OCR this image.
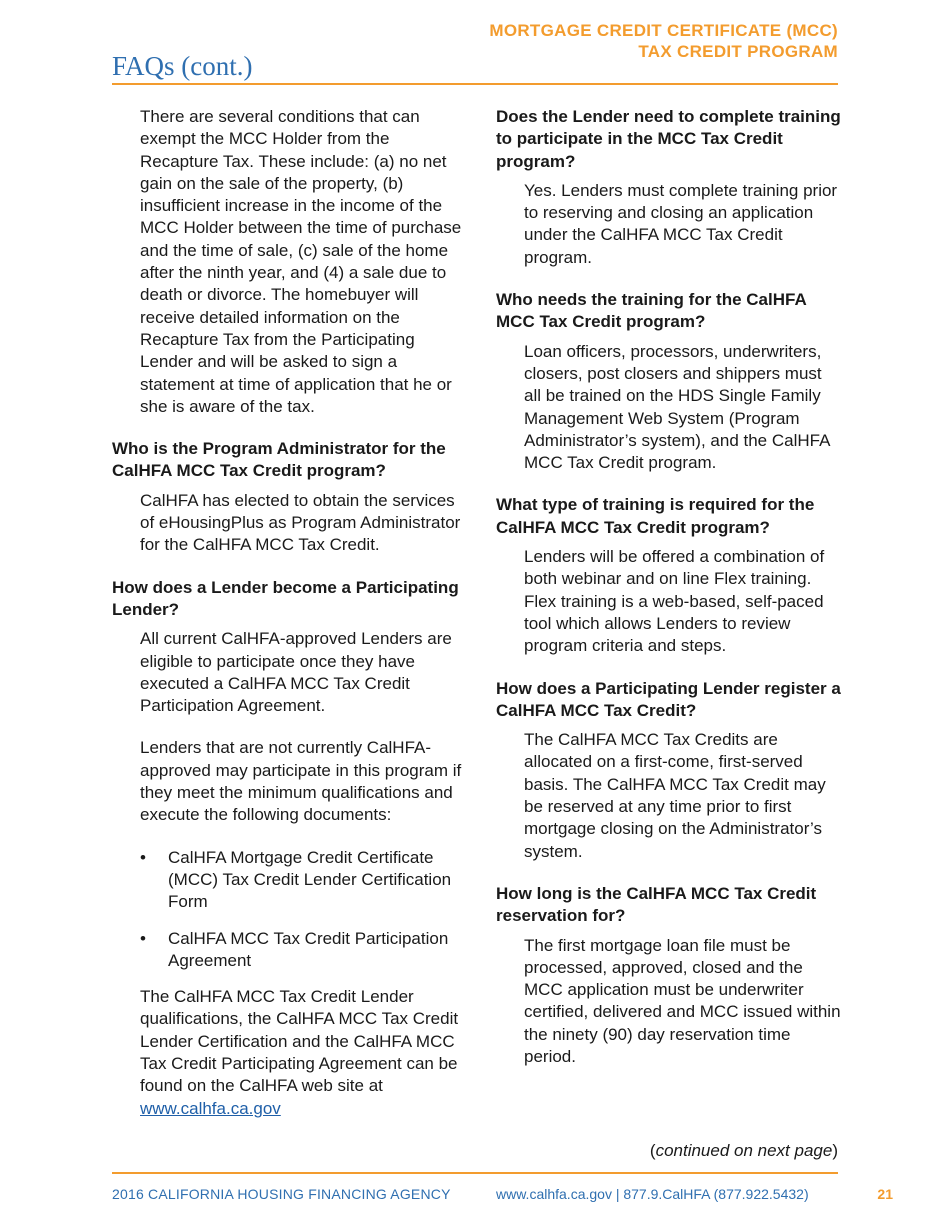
MORTGAGE CREDIT CERTIFICATE (MCC)
TAX CREDIT PROGRAM
FAQs (cont.)

There are several conditions that can exempt the MCC Holder from the Recapture Tax. These include: (a) no net gain on the sale of the property, (b) insufficient increase in the income of the MCC Holder between the time of purchase and the time of sale, (c) sale of the home after the ninth year, and (4) a sale due to death or divorce. The homebuyer will receive detailed information on the Recapture Tax from the Participating Lender and will be asked to sign a statement at time of application that he or she is aware of the tax.

Who is the Program Administrator for the CalHFA MCC Tax Credit program?

CalHFA has elected to obtain the services of eHousingPlus as Program Administrator for the CalHFA MCC Tax Credit.

How does a Lender become a Participating Lender?

All current CalHFA-approved Lenders are eligible to participate once they have executed a CalHFA MCC Tax Credit Participation Agreement.

Lenders that are not currently CalHFA-approved may participate in this program if they meet the minimum qualifications and execute the following documents:

• CalHFA Mortgage Credit Certificate (MCC) Tax Credit Lender Certification Form
• CalHFA MCC Tax Credit Participation Agreement

The CalHFA MCC Tax Credit Lender qualifications, the CalHFA MCC Tax Credit Lender Certification and the CalHFA MCC Tax Credit Participating Agreement can be found on the CalHFA web site at www.calhfa.ca.gov

Does the Lender need to complete training to participate in the MCC Tax Credit program?

Yes. Lenders must complete training prior to reserving and closing an application under the CalHFA MCC Tax Credit program.

Who needs the training for the CalHFA MCC Tax Credit program?

Loan officers, processors, underwriters, closers, post closers and shippers must all be trained on the HDS Single Family Management Web System (Program Administrator’s system), and the CalHFA MCC Tax Credit program.

What type of training is required for the CalHFA MCC Tax Credit program?

Lenders will be offered a combination of both webinar and on line Flex training. Flex training is a web-based, self-paced tool which allows Lenders to review program criteria and steps.

How does a Participating Lender register a CalHFA MCC Tax Credit?

The CalHFA MCC Tax Credits are allocated on a first-come, first-served basis. The CalHFA MCC Tax Credit may be reserved at any time prior to first mortgage closing on the Administrator’s system.

How long is the CalHFA MCC Tax Credit reservation for?

The first mortgage loan file must be processed, approved, closed and the MCC application must be underwriter certified, delivered and MCC issued within the ninety (90) day reservation time period.

(continued on next page)
2016 CALIFORNIA HOUSING FINANCING AGENCY	www.calhfa.ca.gov | 877.9.CalHFA (877.922.5432)	21
